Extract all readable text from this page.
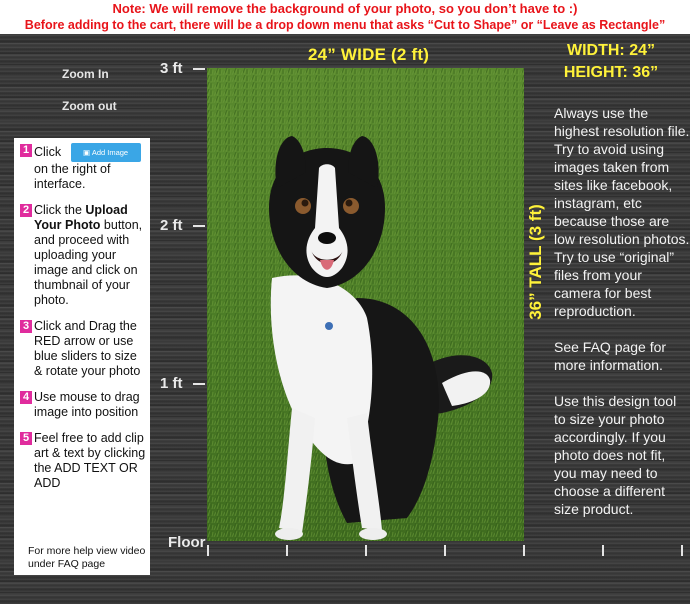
Note: We will remove the background of your photo, so you don’t have to :)
Before adding to the cart, there will be a drop down menu that asks “Cut to Shape” or “Leave as Rectangle”
Zoom In
Zoom out
3 ft
2 ft
1 ft
Floor
24” WIDE (2 ft)	WIDTH: 24”
HEIGHT: 36”
36” TALL (3 ft)

Always use the highest resolution file. Try to avoid using images taken from sites like facebook, instagram, etc because those are low resolution photos. Try to use “original” files from your camera for best reproduction.

See FAQ page for more information.

Use this design tool to size your photo accordingly. If you photo does not fit, you may need to choose a different size product.

1 Click	▣ Add Image
on the right of interface.
2 Click the Upload Your Photo button, and proceed with uploading your image and click on thumbnail of your photo.
3 Click and Drag the RED arrow or use blue sliders to size & rotate your photo
4 Use mouse to drag image into position
5 Feel free to add clip art & text by clicking the ADD TEXT OR ADD
For more help view video under FAQ page
